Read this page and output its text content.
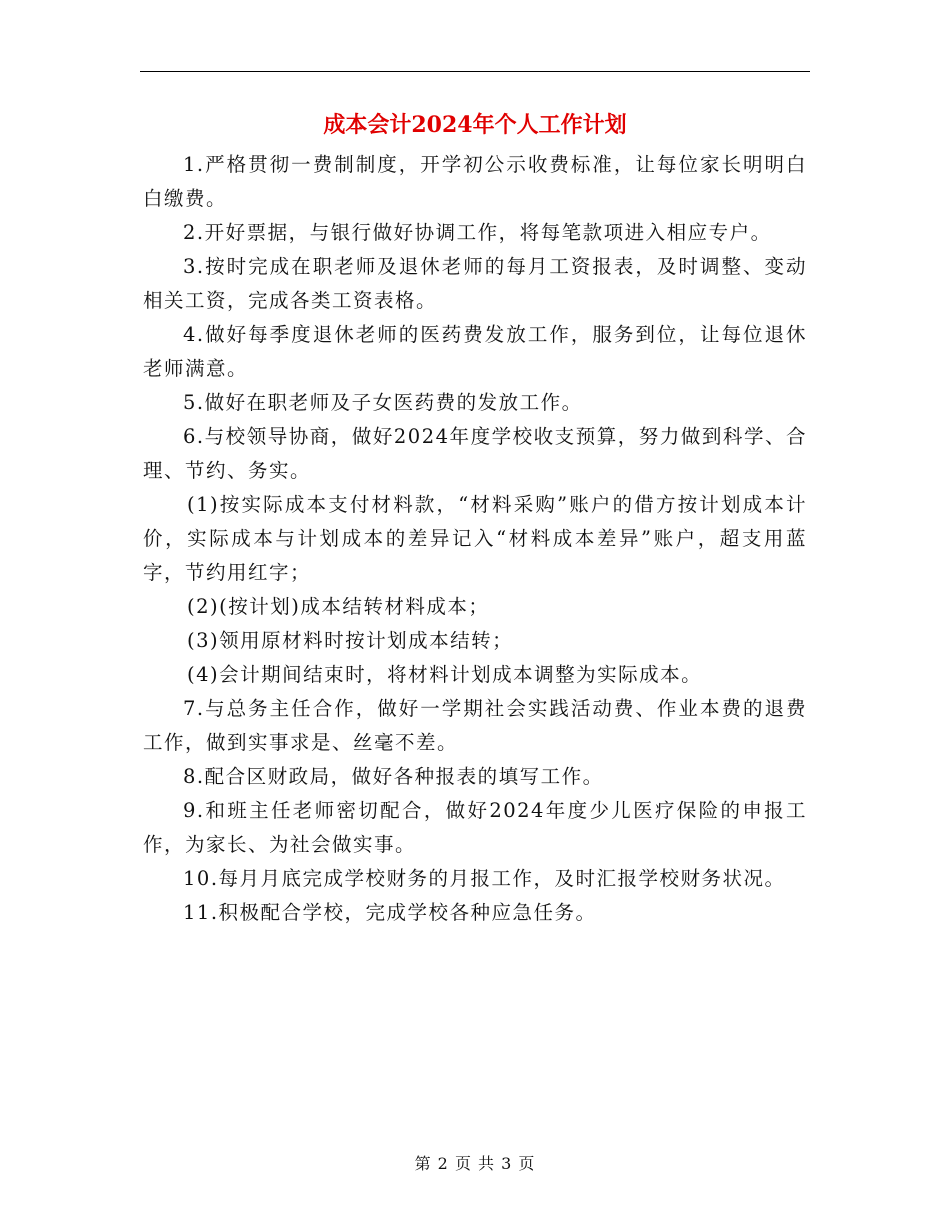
成本会计2024年个人工作计划

1.严格贯彻一费制制度，开学初公示收费标准，让每位家长明明白白缴费。

2.开好票据，与银行做好协调工作，将每笔款项进入相应专户。

3.按时完成在职老师及退休老师的每月工资报表，及时调整、变动相关工资，完成各类工资表格。

4.做好每季度退休老师的医药费发放工作，服务到位，让每位退休老师满意。

5.做好在职老师及子女医药费的发放工作。

6.与校领导协商，做好2024年度学校收支预算，努力做到科学、合理、节约、务实。

(1)按实际成本支付材料款，“材料采购”账户的借方按计划成本计价，实际成本与计划成本的差异记入“材料成本差异”账户，超支用蓝字，节约用红字；

(2)(按计划)成本结转材料成本；

(3)领用原材料时按计划成本结转；

(4)会计期间结束时，将材料计划成本调整为实际成本。

7.与总务主任合作，做好一学期社会实践活动费、作业本费的退费工作，做到实事求是、丝毫不差。

8.配合区财政局，做好各种报表的填写工作。

9.和班主任老师密切配合，做好2024年度少儿医疗保险的申报工作，为家长、为社会做实事。

10.每月月底完成学校财务的月报工作，及时汇报学校财务状况。

11.积极配合学校，完成学校各种应急任务。

第 2 页 共 3 页
